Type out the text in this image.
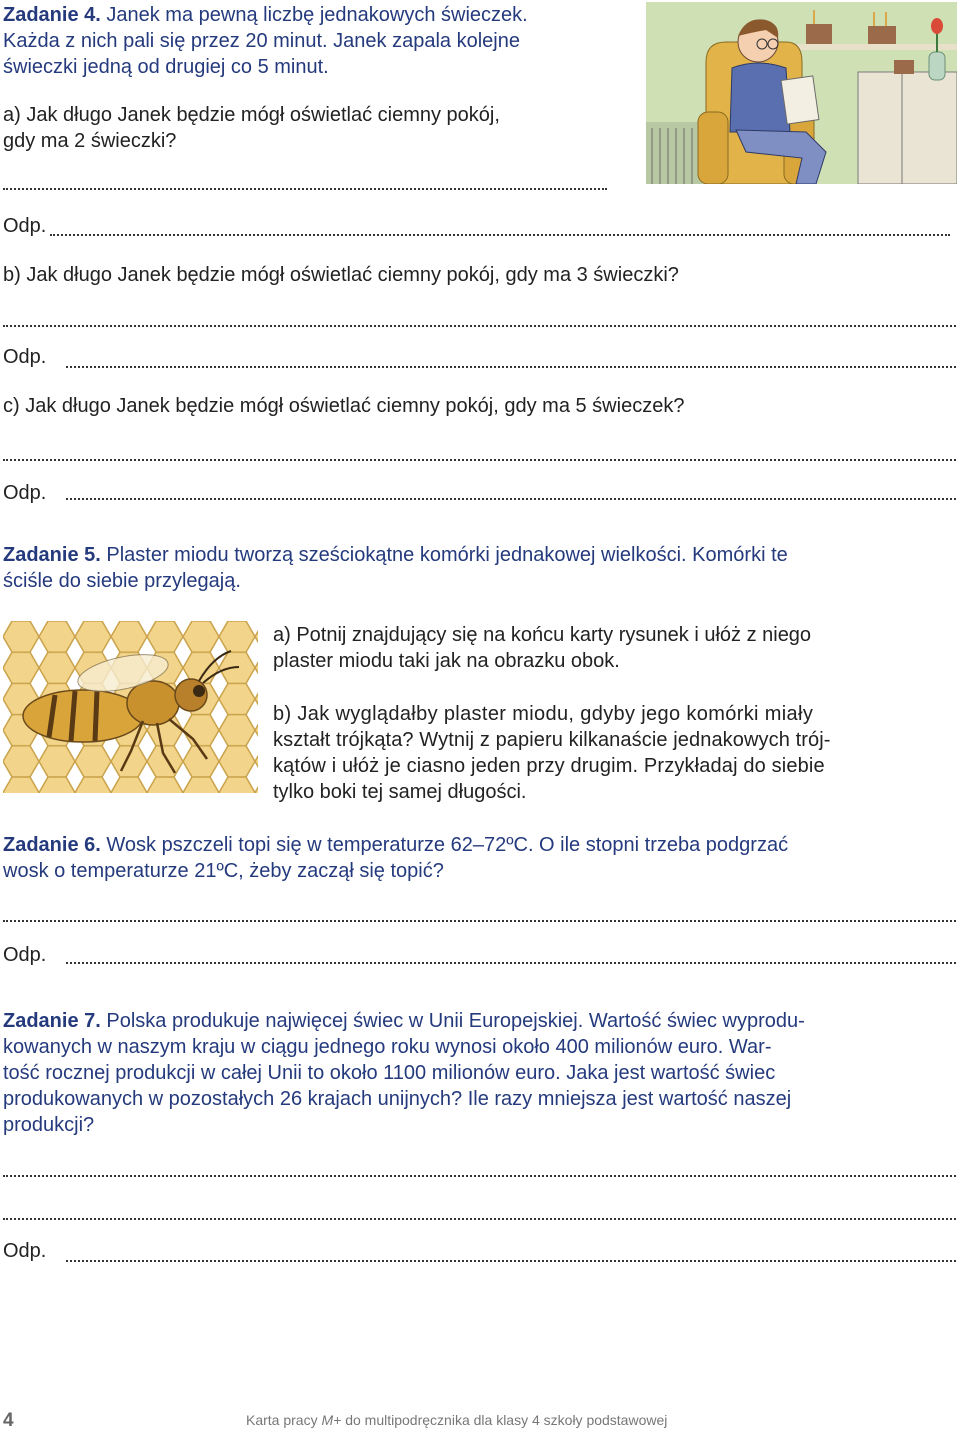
Zadanie 4. Janek ma pewną liczbę jednakowych świeczek.
Każda z nich pali się przez 20 minut. Janek zapala kolejne
świeczki jedną od drugiej co 5 minut.
a) Jak długo Janek będzie mógł oświetlać ciemny pokój,
gdy ma 2 świeczki?
Odp.
b) Jak długo Janek będzie mógł oświetlać ciemny pokój, gdy ma 3 świeczki?
Odp.
c) Jak długo Janek będzie mógł oświetlać ciemny pokój, gdy ma 5 świeczek?
Odp.
Zadanie 5. Plaster miodu tworzą sześciokątne komórki jednakowej wielkości. Komórki te
ściśle do siebie przylegają.
a) Potnij znajdujący się na końcu karty rysunek i ułóż z niego
plaster miodu taki jak na obrazku obok.
b) Jak wyglądałby plaster miodu, gdyby jego komórki miały
kształt trójkąta? Wytnij z papieru kilkanaście jednakowych trój-
kątów i ułóż je ciasno jeden przy drugim. Przykładaj do siebie
tylko boki tej samej długości.
Zadanie 6. Wosk pszczeli topi się w temperaturze 62–72ºC. O ile stopni trzeba podgrzać
wosk o temperaturze 21ºC, żeby zaczął się topić?
Odp.
Zadanie 7. Polska produkuje najwięcej świec w Unii Europejskiej. Wartość świec wyprodu-
kowanych w naszym kraju w ciągu jednego roku wynosi około 400 milionów euro. War-
tość rocznej produkcji w całej Unii to około 1100 milionów euro. Jaka jest wartość świec
produkowanych w pozostałych 26 krajach unijnych? Ile razy mniejsza jest wartość naszej
produkcji?
Odp.
4	Karta pracy M+ do multipodręcznika dla klasy 4 szkoły podstawowej
